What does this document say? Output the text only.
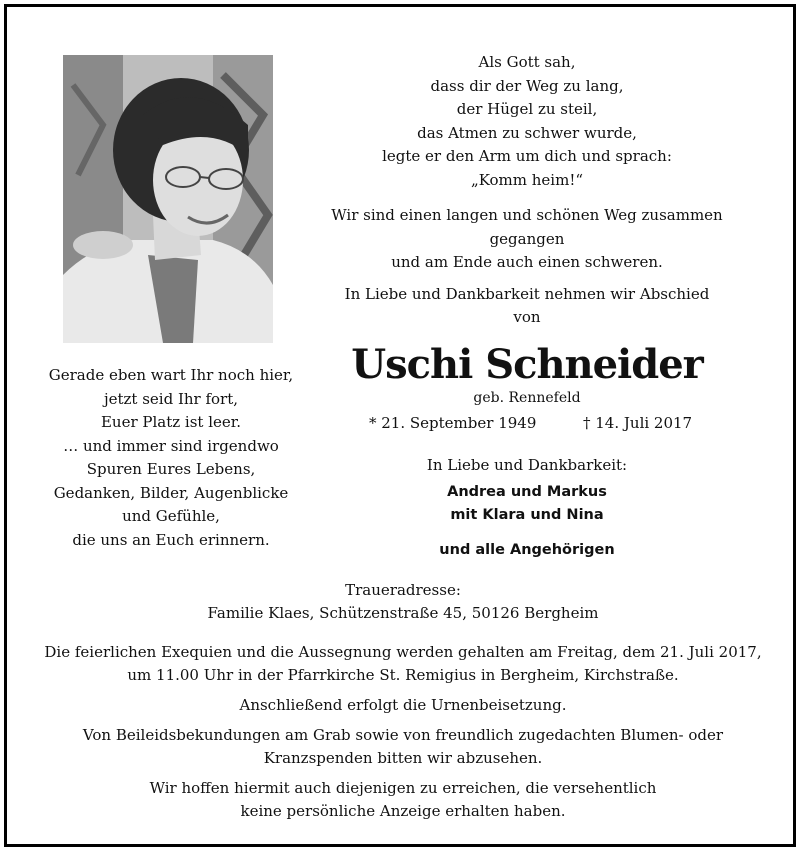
Als Gott sah,

dass dir der Weg zu lang,

der Hügel zu steil,

das Atmen zu schwer wurde,

legte er den Arm um dich und sprach:

„Komm heim!“

Wir sind einen langen und schönen Weg zusammen gegangen

und am Ende auch einen schweren.

In Liebe und Dankbarkeit nehmen wir Abschied

von

Gerade eben wart Ihr noch hier,
jetzt seid Ihr fort,
Euer Platz ist leer.
… und immer sind irgendwo
Spuren Eures Lebens,
Gedanken, Bilder, Augenblicke
und Gefühle,
die uns an Euch erinnern.
Uschi Schneider
geb. Rennefeld
* 21. September 1949	† 14. Juli 2017
In Liebe und Dankbarkeit:
Andrea und Markus
mit Klara und Nina
und alle Angehörigen
Traueradresse:
Familie Klaes, Schützenstraße 45, 50126 Bergheim

Die feierlichen Exequien und die Aussegnung werden gehalten am Freitag, dem 21. Juli 2017,
um 11.00 Uhr in der Pfarrkirche St. Remigius in Bergheim, Kirchstraße.

Anschließend erfolgt die Urnenbeisetzung.

Von Beileidsbekundungen am Grab sowie von freundlich zugedachten Blumen- oder
Kranzspenden bitten wir abzusehen.

Wir hoffen hiermit auch diejenigen zu erreichen, die versehentlich
keine persönliche Anzeige erhalten haben.
